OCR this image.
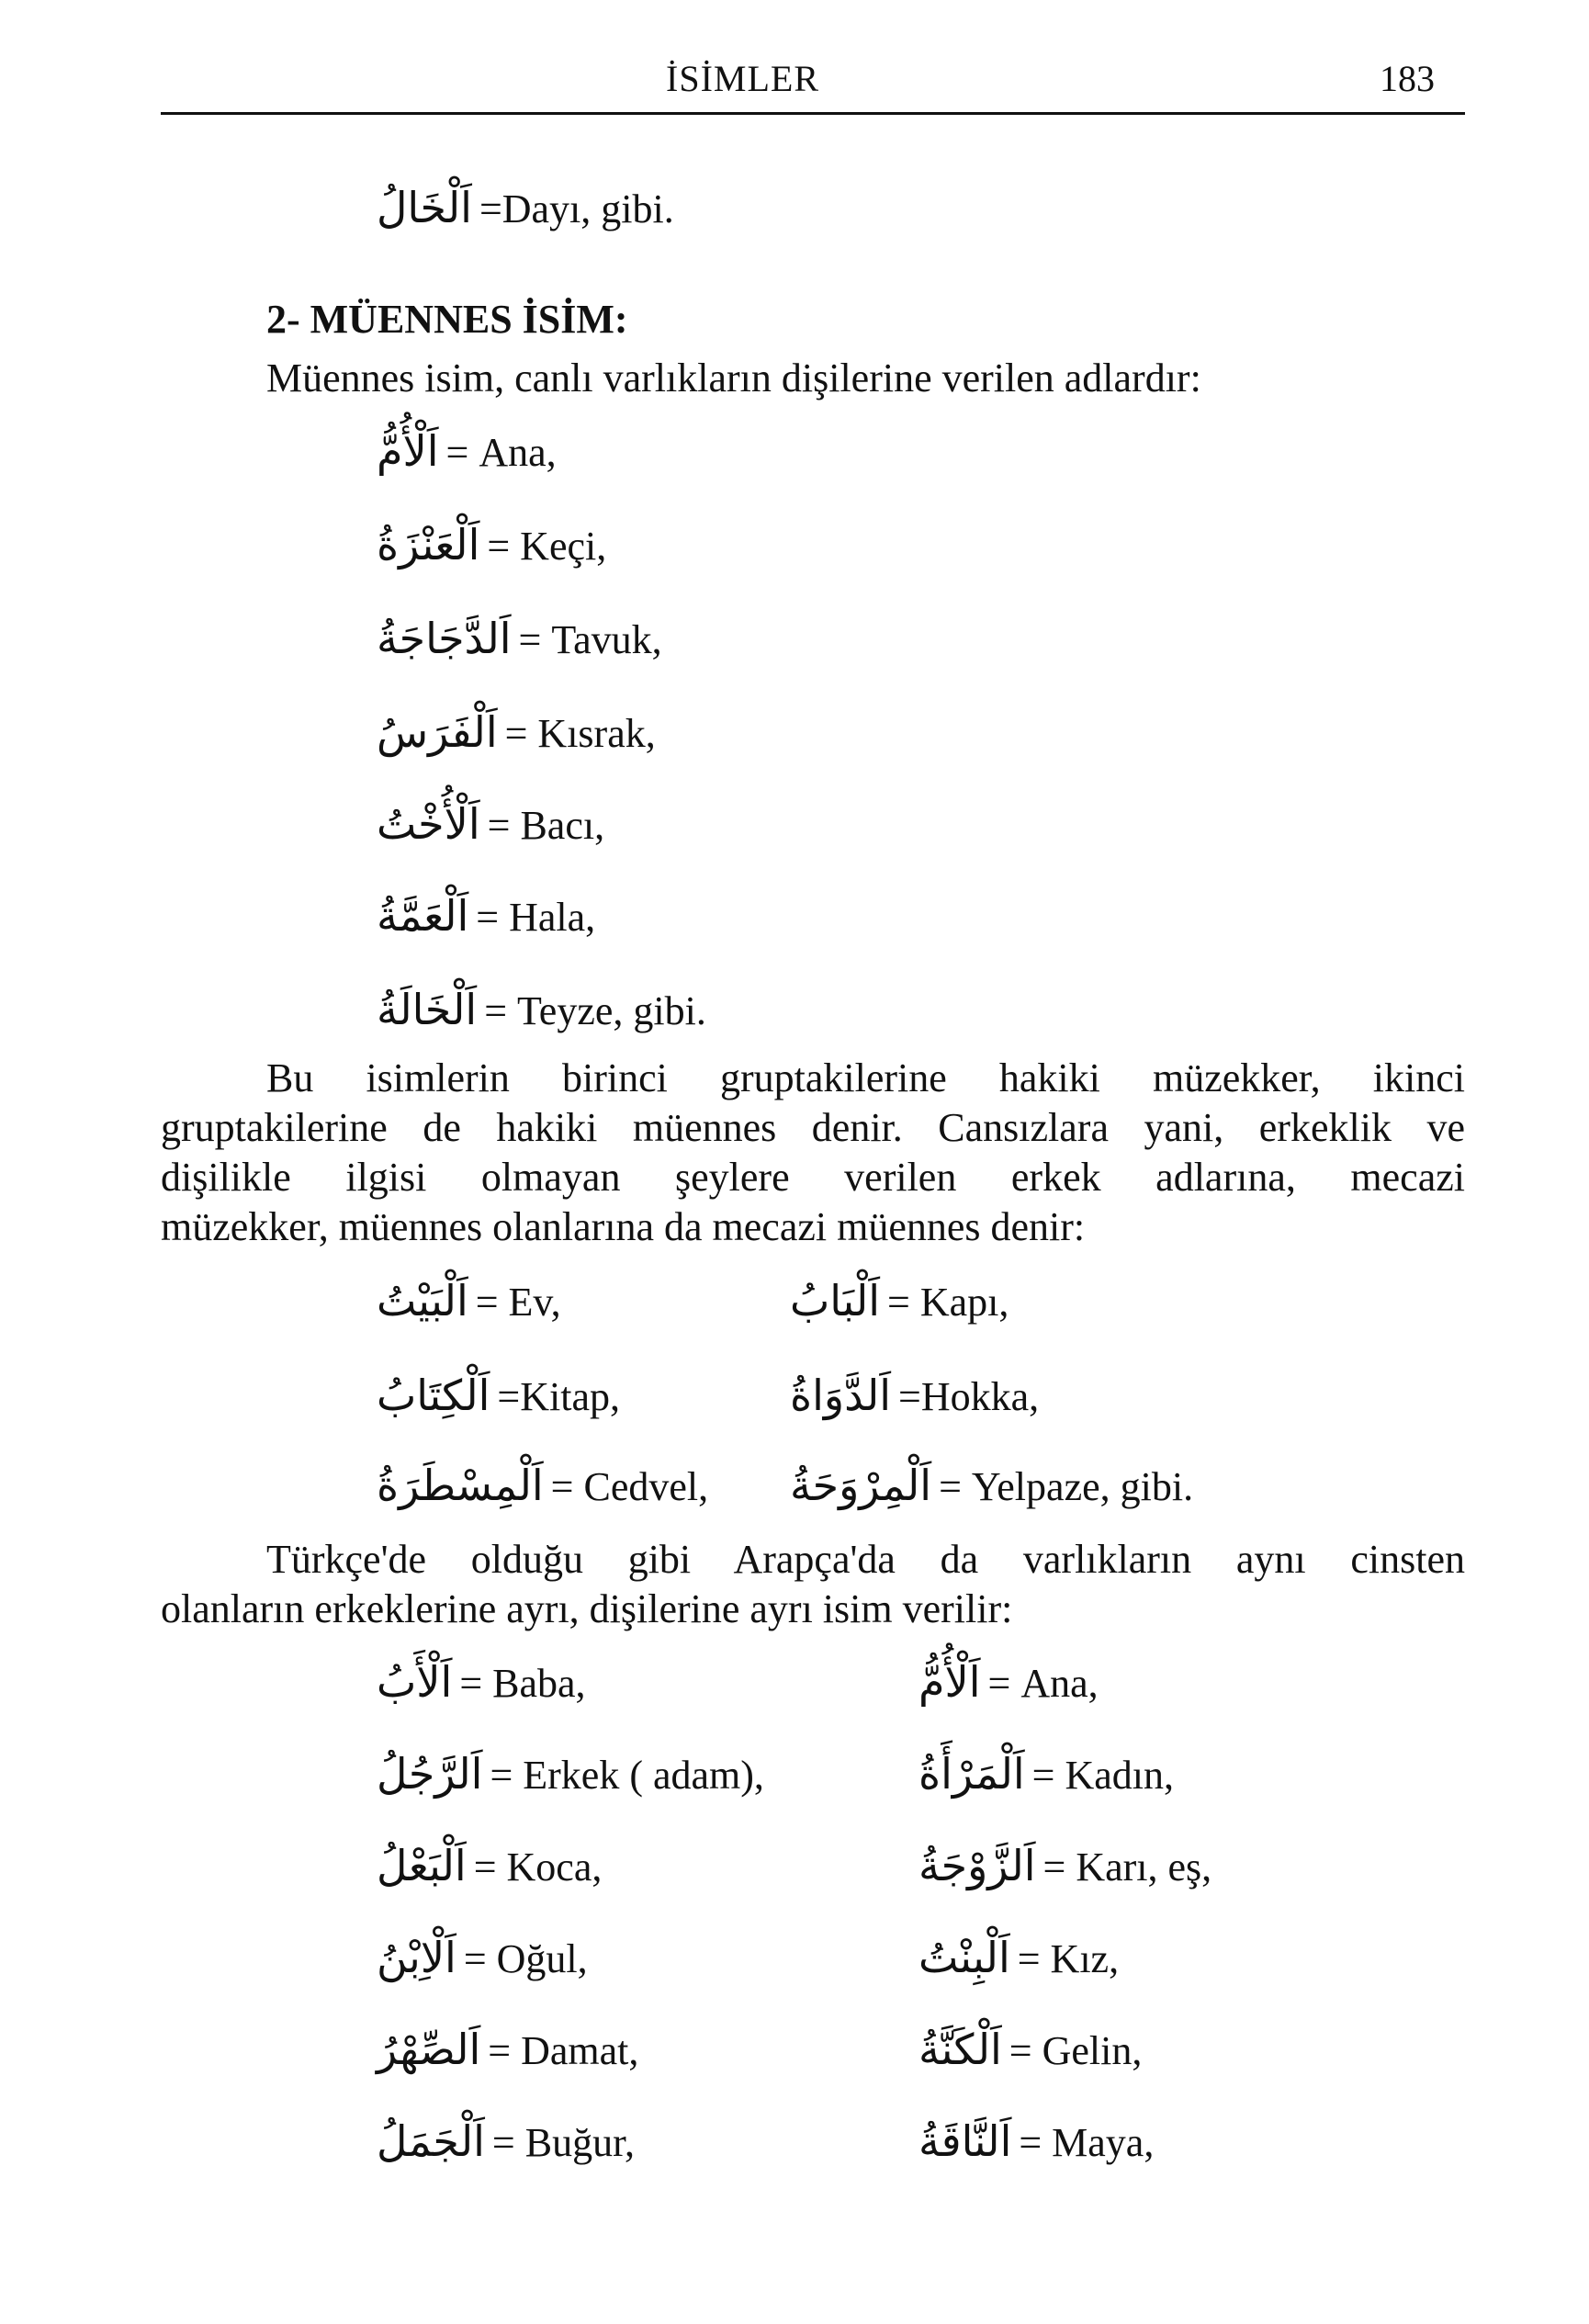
İSİMLER	183
اَلْخَالُ =Dayı, gibi.
2- MÜENNES İSİM:
Müennes isim, canlı varlıkların dişilerine verilen adlardır:
اَلْأُمُّ = Ana,
اَلْعَنْزَةُ = Keçi,
اَلدَّجَاجَةُ = Tavuk,
اَلْفَرَسُ = Kısrak,
اَلْأُخْتُ = Bacı,
اَلْعَمَّةُ = Hala,
اَلْخَالَةُ = Teyze, gibi.
Bu isimlerin birinci gruptakilerine hakiki müzekker, ikinci
gruptakilerine de hakiki müennes denir. Cansızlara yani, erkeklik ve
dişilikle ilgisi olmayan şeylere verilen erkek adlarına, mecazi
müzekker, müennes olanlarına da mecazi müennes denir:
اَلْبَيْتُ = Ev,	اَلْبَابُ = Kapı,
اَلْكِتَابُ =Kitap,	اَلدَّوَاةُ =Hokka,
اَلْمِسْطَرَةُ = Cedvel, اَلْمِرْوَحَةُ = Yelpaze, gibi.
Türkçe'de olduğu gibi Arapça'da da varlıkların aynı cinsten
olanların erkeklerine ayrı, dişilerine ayrı isim verilir:
اَلْأَبُ = Baba,	اَلْأُمُّ = Ana,
اَلرَّجُلُ = Erkek ( adam),	اَلْمَرْأَةُ = Kadın,
اَلْبَعْلُ = Koca,	اَلزَّوْجَةُ = Karı, eş,
اَلْاِبْنُ = Oğul,	اَلْبِنْتُ = Kız,
اَلصِّهْرُ = Damat,	اَلْكَنَّةُ = Gelin,
اَلْجَمَلُ = Buğur,	اَلنَّاقَةُ = Maya,
